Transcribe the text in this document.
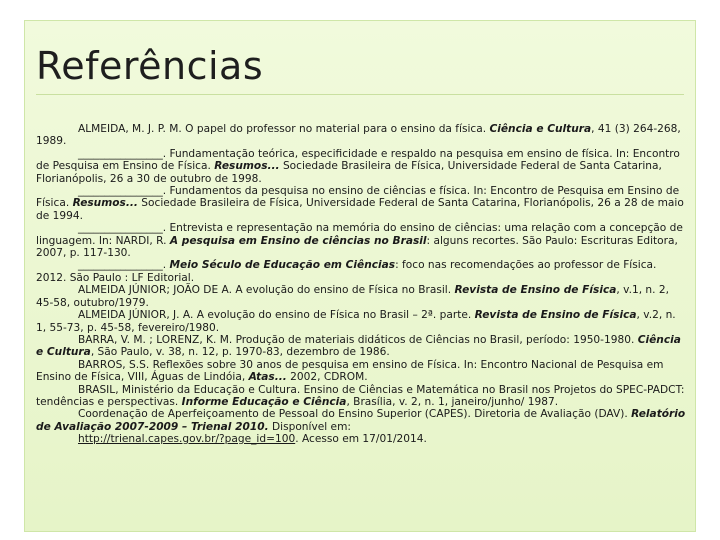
Referências

ALMEIDA, M. J. P. M. O papel do professor no material para o ensino da física. Ciência e Cultura, 41 (3) 264-268, 1989.

________________. Fundamentação teórica, especificidade e respaldo na pesquisa em ensino de física. In: Encontro de Pesquisa em Ensino de Física. Resumos... Sociedade Brasileira de Física, Universidade Federal de Santa Catarina, Florianópolis, 26 a 30 de outubro de 1998.

________________. Fundamentos da pesquisa no ensino de ciências e física. In: Encontro de Pesquisa em Ensino de Física. Resumos... Sociedade Brasileira de Física, Universidade Federal de Santa Catarina, Florianópolis, 26 a 28 de maio de 1994.

________________. Entrevista e representação na memória do ensino de ciências: uma relação com a concepção de linguagem. In: NARDI, R. A pesquisa em Ensino de ciências no Brasil: alguns recortes. São Paulo: Escrituras Editora, 2007, p. 117-130.

________________. Meio Século de Educação em Ciências: foco nas recomendações ao professor de Física. 2012. São Paulo : LF Editorial.

ALMEIDA JÚNIOR; JOÃO DE A. A evolução do ensino de Física no Brasil. Revista de Ensino de Física, v.1, n. 2, 45-58, outubro/1979.

ALMEIDA JÚNIOR, J. A. A evolução do ensino de Física no Brasil – 2ª. parte. Revista de Ensino de Física, v.2, n. 1, 55-73, p. 45-58, fevereiro/1980.

BARRA, V. M. ; LORENZ, K. M. Produção de materiais didáticos de Ciências no Brasil, período: 1950-1980. Ciência e Cultura, São Paulo, v. 38, n. 12, p. 1970-83, dezembro de 1986.

BARROS, S.S. Reflexões sobre 30 anos de pesquisa em ensino de Física. In: Encontro Nacional de Pesquisa em Ensino de Física, VIII, Águas de Lindóia, Atas... 2002, CDROM.

BRASIL, Ministério da Educação e Cultura. Ensino de Ciências e Matemática no Brasil nos Projetos do SPEC-PADCT: tendências e perspectivas. Informe Educação e Ciência, Brasília, v. 2, n. 1, janeiro/junho/ 1987.

Coordenação de Aperfeiçoamento de Pessoal do Ensino Superior (CAPES). Diretoria de Avaliação (DAV). Relatório de Avaliação 2007-2009 – Trienal 2010. Disponível em:

http://trienal.capes.gov.br/?page_id=100. Acesso em 17/01/2014.
